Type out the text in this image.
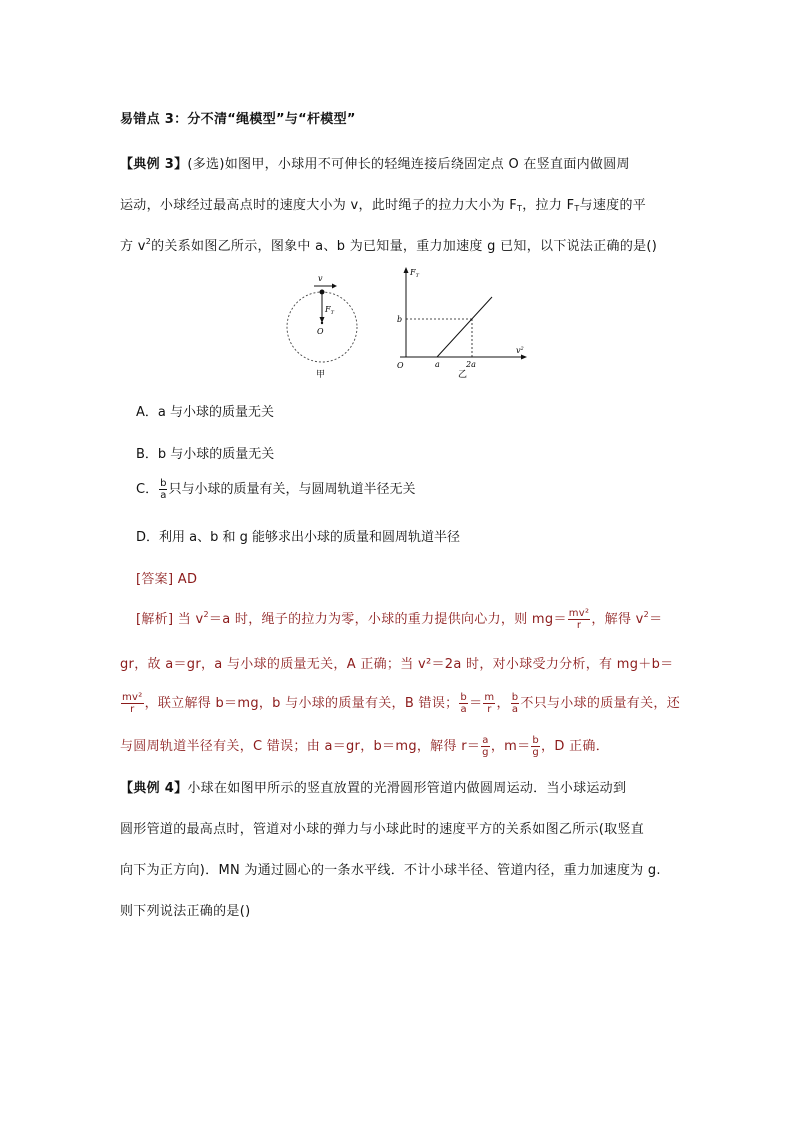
易错点 3：分不清“绳模型”与“杆模型”
【典例 3】(多选)如图甲，小球用不可伸长的轻绳连接后绕固定点 O 在竖直面内做圆周
运动，小球经过最高点时的速度大小为 v，此时绳子的拉力大小为 $F_T$，拉力 $F_T$与速度的平
方 $v^2$的关系如图乙所示，图象中 a、b 为已知量，重力加速度 g 已知，以下说法正确的是()
v
$F_T$
O
甲
$F_T$
$v^2$
b
O	a	2a
乙
A．a 与小球的质量无关
B．b 与小球的质量无关
C． $\frac{b}{a}$ 只与小球的质量有关，与圆周轨道半径无关
D．利用 a、b 和 g 能够求出小球的质量和圆周轨道半径
[答案] AD
[解析] 当 $v^2=a$ 时，绳子的拉力为零，小球的重力提供向心力，则 $mg= \frac{\text{mv²}}{r}$ ，解得 $v^2=$
gr，故 a＝gr，a 与小球的质量无关，A 正确；当 v²＝2a 时，对小球受力分析，有 mg＋b＝
$\frac{\text{mv²}}{r}$ ，联立解得 b＝mg，b 与小球的质量有关，B 错误； $\frac{b}{a} = \frac{m}{r}$ ， $\frac{b}{a}$ 不只与小球的质量有关，还
与圆周轨道半径有关，C 错误；由 a＝gr，b＝mg，解得 $r= \frac{a}{g}$ ，$m= \frac{b}{g}$ ，D 正确．
【典例 4】小球在如图甲所示的竖直放置的光滑圆形管道内做圆周运动．当小球运动到
圆形管道的最高点时，管道对小球的弹力与小球此时的速度平方的关系如图乙所示(取竖直
向下为正方向)．MN 为通过圆心的一条水平线．不计小球半径、管道内径，重力加速度为 g.
则下列说法正确的是()
